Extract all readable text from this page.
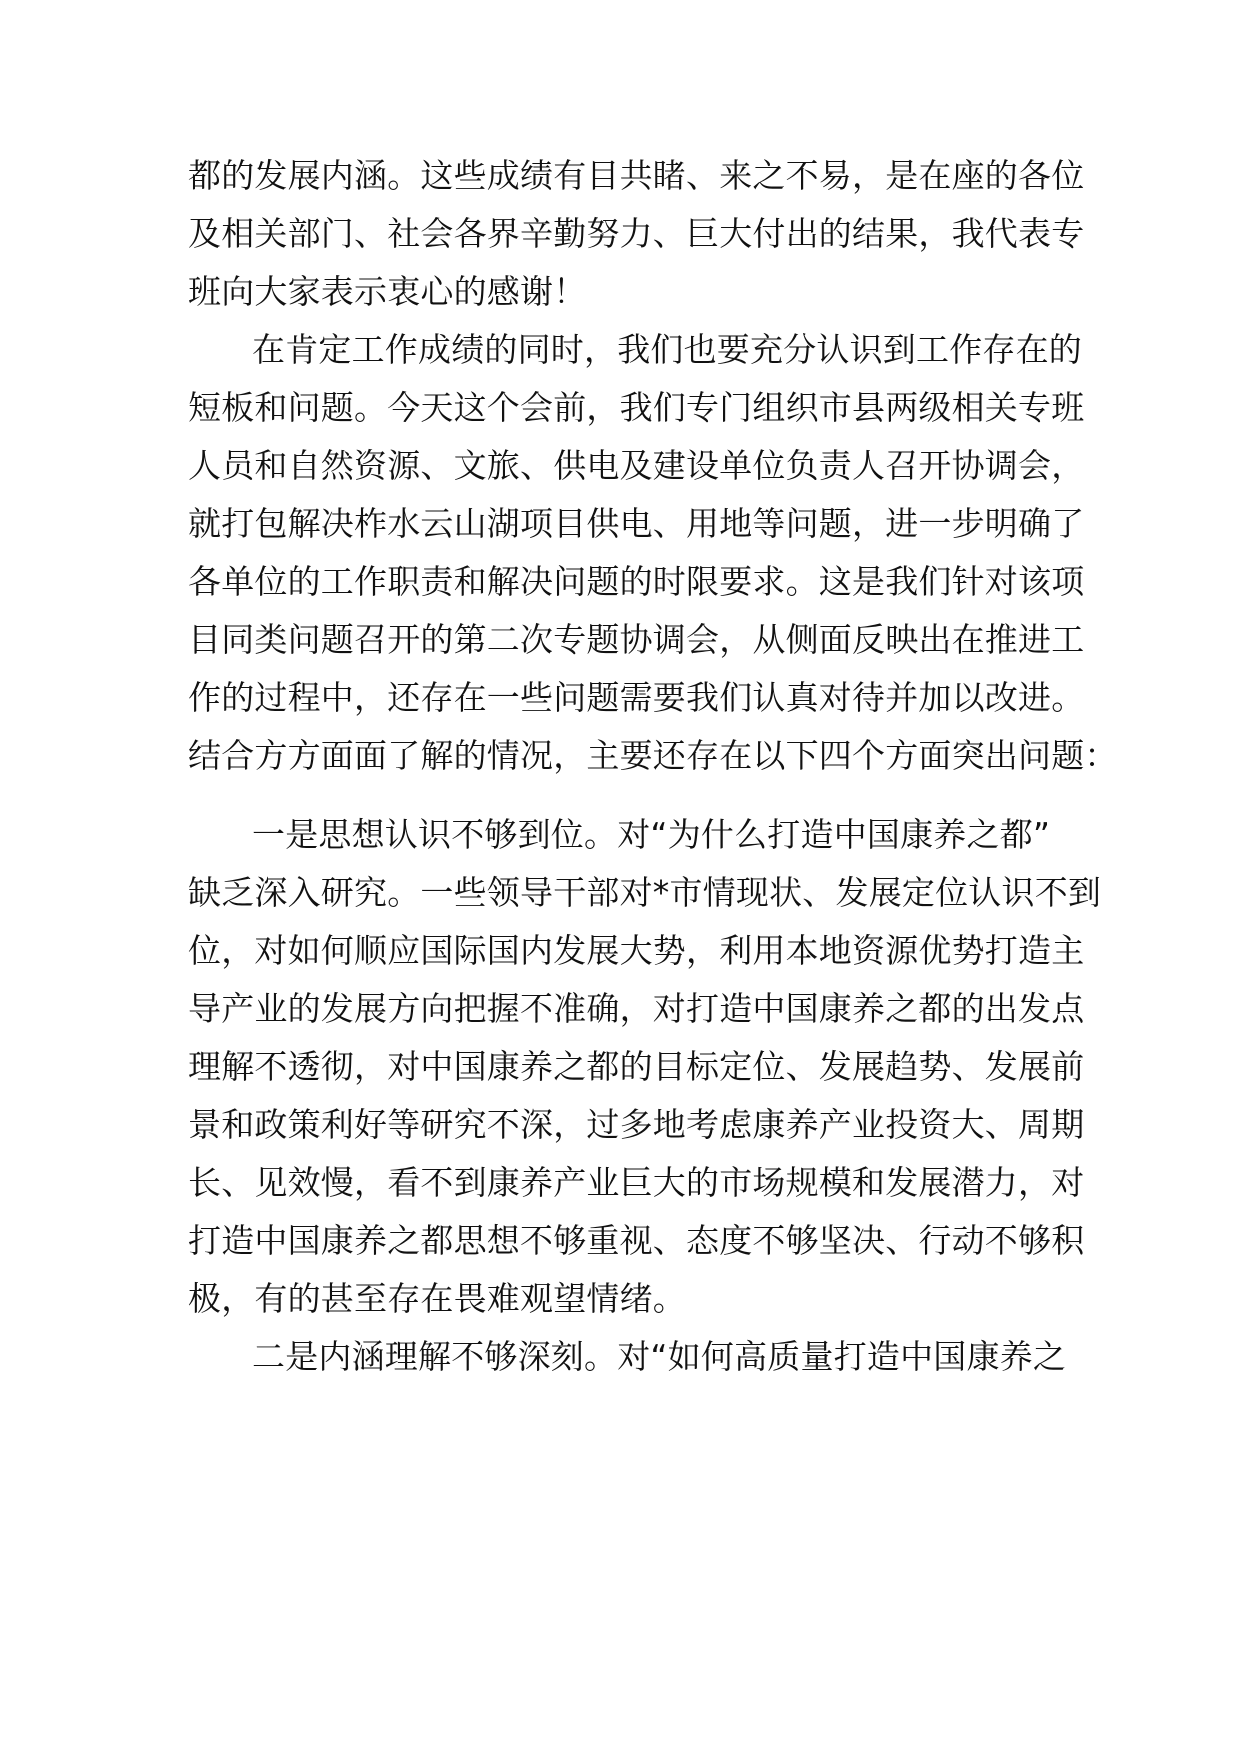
都的发展内涵。这些成绩有目共睹、来之不易，是在座的各位
及相关部门、社会各界辛勤努力、巨大付出的结果，我代表专
班向大家表示衷心的感谢！
在肯定工作成绩的同时，我们也要充分认识到工作存在的
短板和问题。今天这个会前，我们专门组织市县两级相关专班
人员和自然资源、文旅、供电及建设单位负责人召开协调会，
就打包解决柞水云山湖项目供电、用地等问题，进一步明确了
各单位的工作职责和解决问题的时限要求。这是我们针对该项
目同类问题召开的第二次专题协调会，从侧面反映出在推进工
作的过程中，还存在一些问题需要我们认真对待并加以改进。
结合方方面面了解的情况，主要还存在以下四个方面突出问题：
一是思想认识不够到位。对“为什么打造中国康养之都”
缺乏深入研究。一些领导干部对*市情现状、发展定位认识不到
位，对如何顺应国际国内发展大势，利用本地资源优势打造主
导产业的发展方向把握不准确，对打造中国康养之都的出发点
理解不透彻，对中国康养之都的目标定位、发展趋势、发展前
景和政策利好等研究不深，过多地考虑康养产业投资大、周期
长、见效慢，看不到康养产业巨大的市场规模和发展潜力，对
打造中国康养之都思想不够重视、态度不够坚决、行动不够积
极，有的甚至存在畏难观望情绪。
二是内涵理解不够深刻。对“如何高质量打造中国康养之
